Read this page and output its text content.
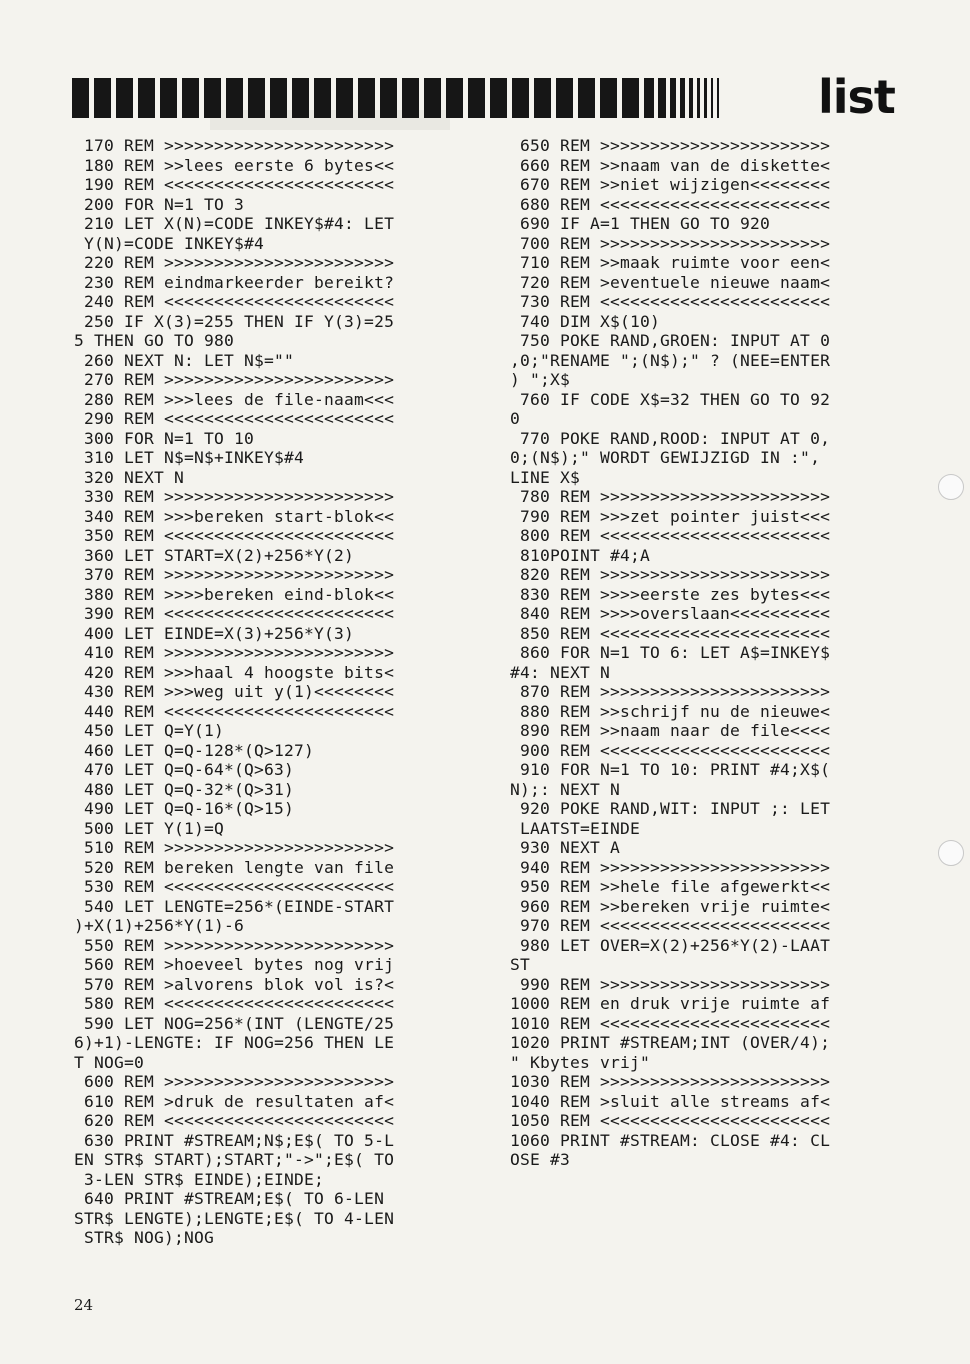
list
170 REM >>>>>>>>>>>>>>>>>>>>>>>
180 REM >>lees eerste 6 bytes<<
190 REM <<<<<<<<<<<<<<<<<<<<<<<
200 FOR N=1 TO 3
210 LET X(N)=CODE INKEY$#4: LET
Y(N)=CODE INKEY$#4
220 REM >>>>>>>>>>>>>>>>>>>>>>>
230 REM eindmarkeerder bereikt?
240 REM <<<<<<<<<<<<<<<<<<<<<<<
250 IF X(3)=255 THEN IF Y(3)=25
5 THEN GO TO 980
260 NEXT N: LET N$=""
270 REM >>>>>>>>>>>>>>>>>>>>>>>
280 REM >>>lees de file-naam<<<
290 REM <<<<<<<<<<<<<<<<<<<<<<<
300 FOR N=1 TO 10
310 LET N$=N$+INKEY$#4
320 NEXT N
330 REM >>>>>>>>>>>>>>>>>>>>>>>
340 REM >>>bereken start-blok<<
350 REM <<<<<<<<<<<<<<<<<<<<<<<
360 LET START=X(2)+256*Y(2)
370 REM >>>>>>>>>>>>>>>>>>>>>>>
380 REM >>>>bereken eind-blok<<
390 REM <<<<<<<<<<<<<<<<<<<<<<<
400 LET EINDE=X(3)+256*Y(3)
410 REM >>>>>>>>>>>>>>>>>>>>>>>
420 REM >>>haal 4 hoogste bits<
430 REM >>>weg uit y(1)<<<<<<<<
440 REM <<<<<<<<<<<<<<<<<<<<<<<
450 LET Q=Y(1)
460 LET Q=Q-128*(Q>127)
470 LET Q=Q-64*(Q>63)
480 LET Q=Q-32*(Q>31)
490 LET Q=Q-16*(Q>15)
500 LET Y(1)=Q
510 REM >>>>>>>>>>>>>>>>>>>>>>>
520 REM bereken lengte van file
530 REM <<<<<<<<<<<<<<<<<<<<<<<
540 LET LENGTE=256*(EINDE-START
)+X(1)+256*Y(1)-6
550 REM >>>>>>>>>>>>>>>>>>>>>>>
560 REM >hoeveel bytes nog vrij
570 REM >alvorens blok vol is?<
580 REM <<<<<<<<<<<<<<<<<<<<<<<
590 LET NOG=256*(INT (LENGTE/25
6)+1)-LENGTE: IF NOG=256 THEN LE
T NOG=0
600 REM >>>>>>>>>>>>>>>>>>>>>>>
610 REM >druk de resultaten af<
620 REM <<<<<<<<<<<<<<<<<<<<<<<
630 PRINT #STREAM;N$;E$( TO 5-L
EN STR$ START);START;"->";E$( TO
3-LEN STR$ EINDE);EINDE;
640 PRINT #STREAM;E$( TO 6-LEN
STR$ LENGTE);LENGTE;E$( TO 4-LEN
STR$ NOG);NOG
650 REM >>>>>>>>>>>>>>>>>>>>>>>
660 REM >>naam van de diskette<
670 REM >>niet wijzigen<<<<<<<<
680 REM <<<<<<<<<<<<<<<<<<<<<<<
690 IF A=1 THEN GO TO 920
700 REM >>>>>>>>>>>>>>>>>>>>>>>
710 REM >>maak ruimte voor een<
720 REM >eventuele nieuwe naam<
730 REM <<<<<<<<<<<<<<<<<<<<<<<
740 DIM X$(10)
750 POKE RAND,GROEN: INPUT AT 0
,0;"RENAME ";(N$);" ? (NEE=ENTER
) ";X$
760 IF CODE X$=32 THEN GO TO 92
0
770 POKE RAND,ROOD: INPUT AT 0,
0;(N$);" WORDT GEWIJZIGD IN :",
LINE X$
780 REM >>>>>>>>>>>>>>>>>>>>>>>
790 REM >>>zet pointer juist<<<
800 REM <<<<<<<<<<<<<<<<<<<<<<<
810POINT #4;A
820 REM >>>>>>>>>>>>>>>>>>>>>>>
830 REM >>>>eerste zes bytes<<<
840 REM >>>>overslaan<<<<<<<<<<
850 REM <<<<<<<<<<<<<<<<<<<<<<<
860 FOR N=1 TO 6: LET A$=INKEY$
#4: NEXT N
870 REM >>>>>>>>>>>>>>>>>>>>>>>
880 REM >>schrijf nu de nieuwe<
890 REM >>naam naar de file<<<<
900 REM <<<<<<<<<<<<<<<<<<<<<<<
910 FOR N=1 TO 10: PRINT #4;X$(
N);: NEXT N
920 POKE RAND,WIT: INPUT ;: LET
LAATST=EINDE
930 NEXT A
940 REM >>>>>>>>>>>>>>>>>>>>>>>
950 REM >>hele file afgewerkt<<
960 REM >>bereken vrije ruimte<
970 REM <<<<<<<<<<<<<<<<<<<<<<<
980 LET OVER=X(2)+256*Y(2)-LAAT
ST
990 REM >>>>>>>>>>>>>>>>>>>>>>>
1000 REM en druk vrije ruimte af
1010 REM <<<<<<<<<<<<<<<<<<<<<<<
1020 PRINT #STREAM;INT (OVER/4);
" Kbytes vrij"
1030 REM >>>>>>>>>>>>>>>>>>>>>>>
1040 REM >sluit alle streams af<
1050 REM <<<<<<<<<<<<<<<<<<<<<<<
1060 PRINT #STREAM: CLOSE #4: CL
OSE #3
24
